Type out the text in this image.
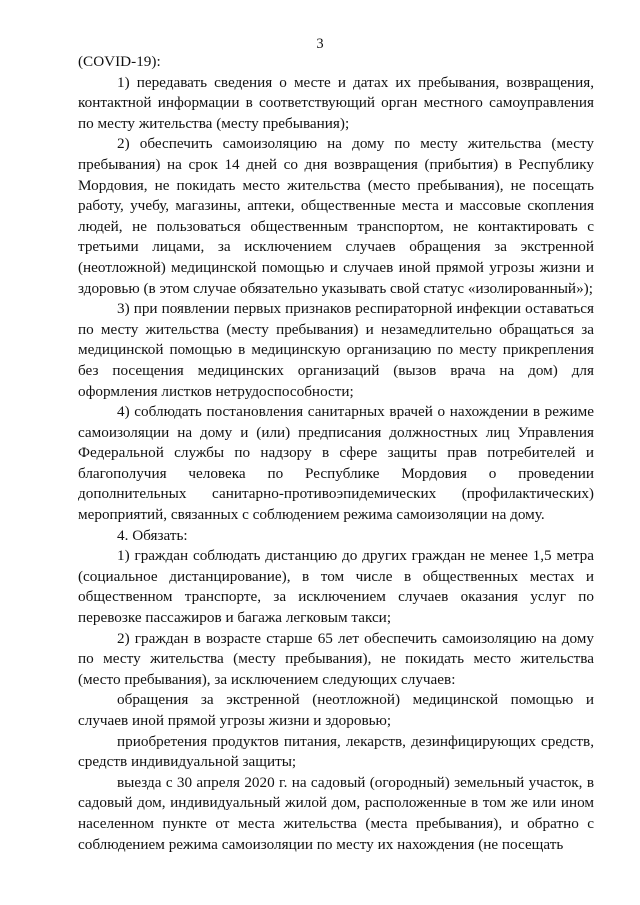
3

(COVID-19):

1) передавать сведения о месте и датах их пребывания, возвращения, контактной информации в соответствующий орган местного самоуправления по месту жительства (месту пребывания);

2) обеспечить самоизоляцию на дому по месту жительства (месту пребывания) на срок 14 дней со дня возвращения (прибытия) в Республику Мордовия, не покидать место жительства (место пребывания), не посещать работу, учебу, магазины, аптеки, общественные места и массовые скопления людей, не пользоваться общественным транспортом, не контактировать с третьими лицами, за исключением случаев обращения за экстренной (неотложной) медицинской помощью и случаев иной прямой угрозы жизни и здоровью (в этом случае обязательно указывать свой статус «изолированный»);

3) при появлении первых признаков респираторной инфекции оставаться по месту жительства (месту пребывания) и незамедлительно обращаться за медицинской помощью в медицинскую организацию по месту прикрепления без посещения медицинских организаций (вызов врача на дом) для оформления листков нетрудоспособности;

4) соблюдать постановления санитарных врачей о нахождении в режиме самоизоляции на дому и (или) предписания должностных лиц Управления Федеральной службы по надзору в сфере защиты прав потребителей и благополучия человека по Республике Мордовия о проведении дополнительных санитарно-противоэпидемических (профилактических) мероприятий, связанных с соблюдением режима самоизоляции на дому.

4. Обязать:

1) граждан соблюдать дистанцию до других граждан не менее 1,5 метра (социальное дистанцирование), в том числе в общественных местах и общественном транспорте, за исключением случаев оказания услуг по перевозке пассажиров и багажа легковым такси;

2) граждан в возрасте старше 65 лет обеспечить самоизоляцию на дому по месту жительства (месту пребывания), не покидать место жительства (место пребывания), за исключением следующих случаев:

обращения за экстренной (неотложной) медицинской помощью и случаев иной прямой угрозы жизни и здоровью;

приобретения продуктов питания, лекарств, дезинфицирующих средств, средств индивидуальной защиты;

выезда с 30 апреля 2020 г. на садовый (огородный) земельный участок, в садовый дом, индивидуальный жилой дом, расположенные в том же или ином населенном пункте от места жительства (места пребывания), и обратно с соблюдением режима самоизоляции по месту их нахождения (не посещать
